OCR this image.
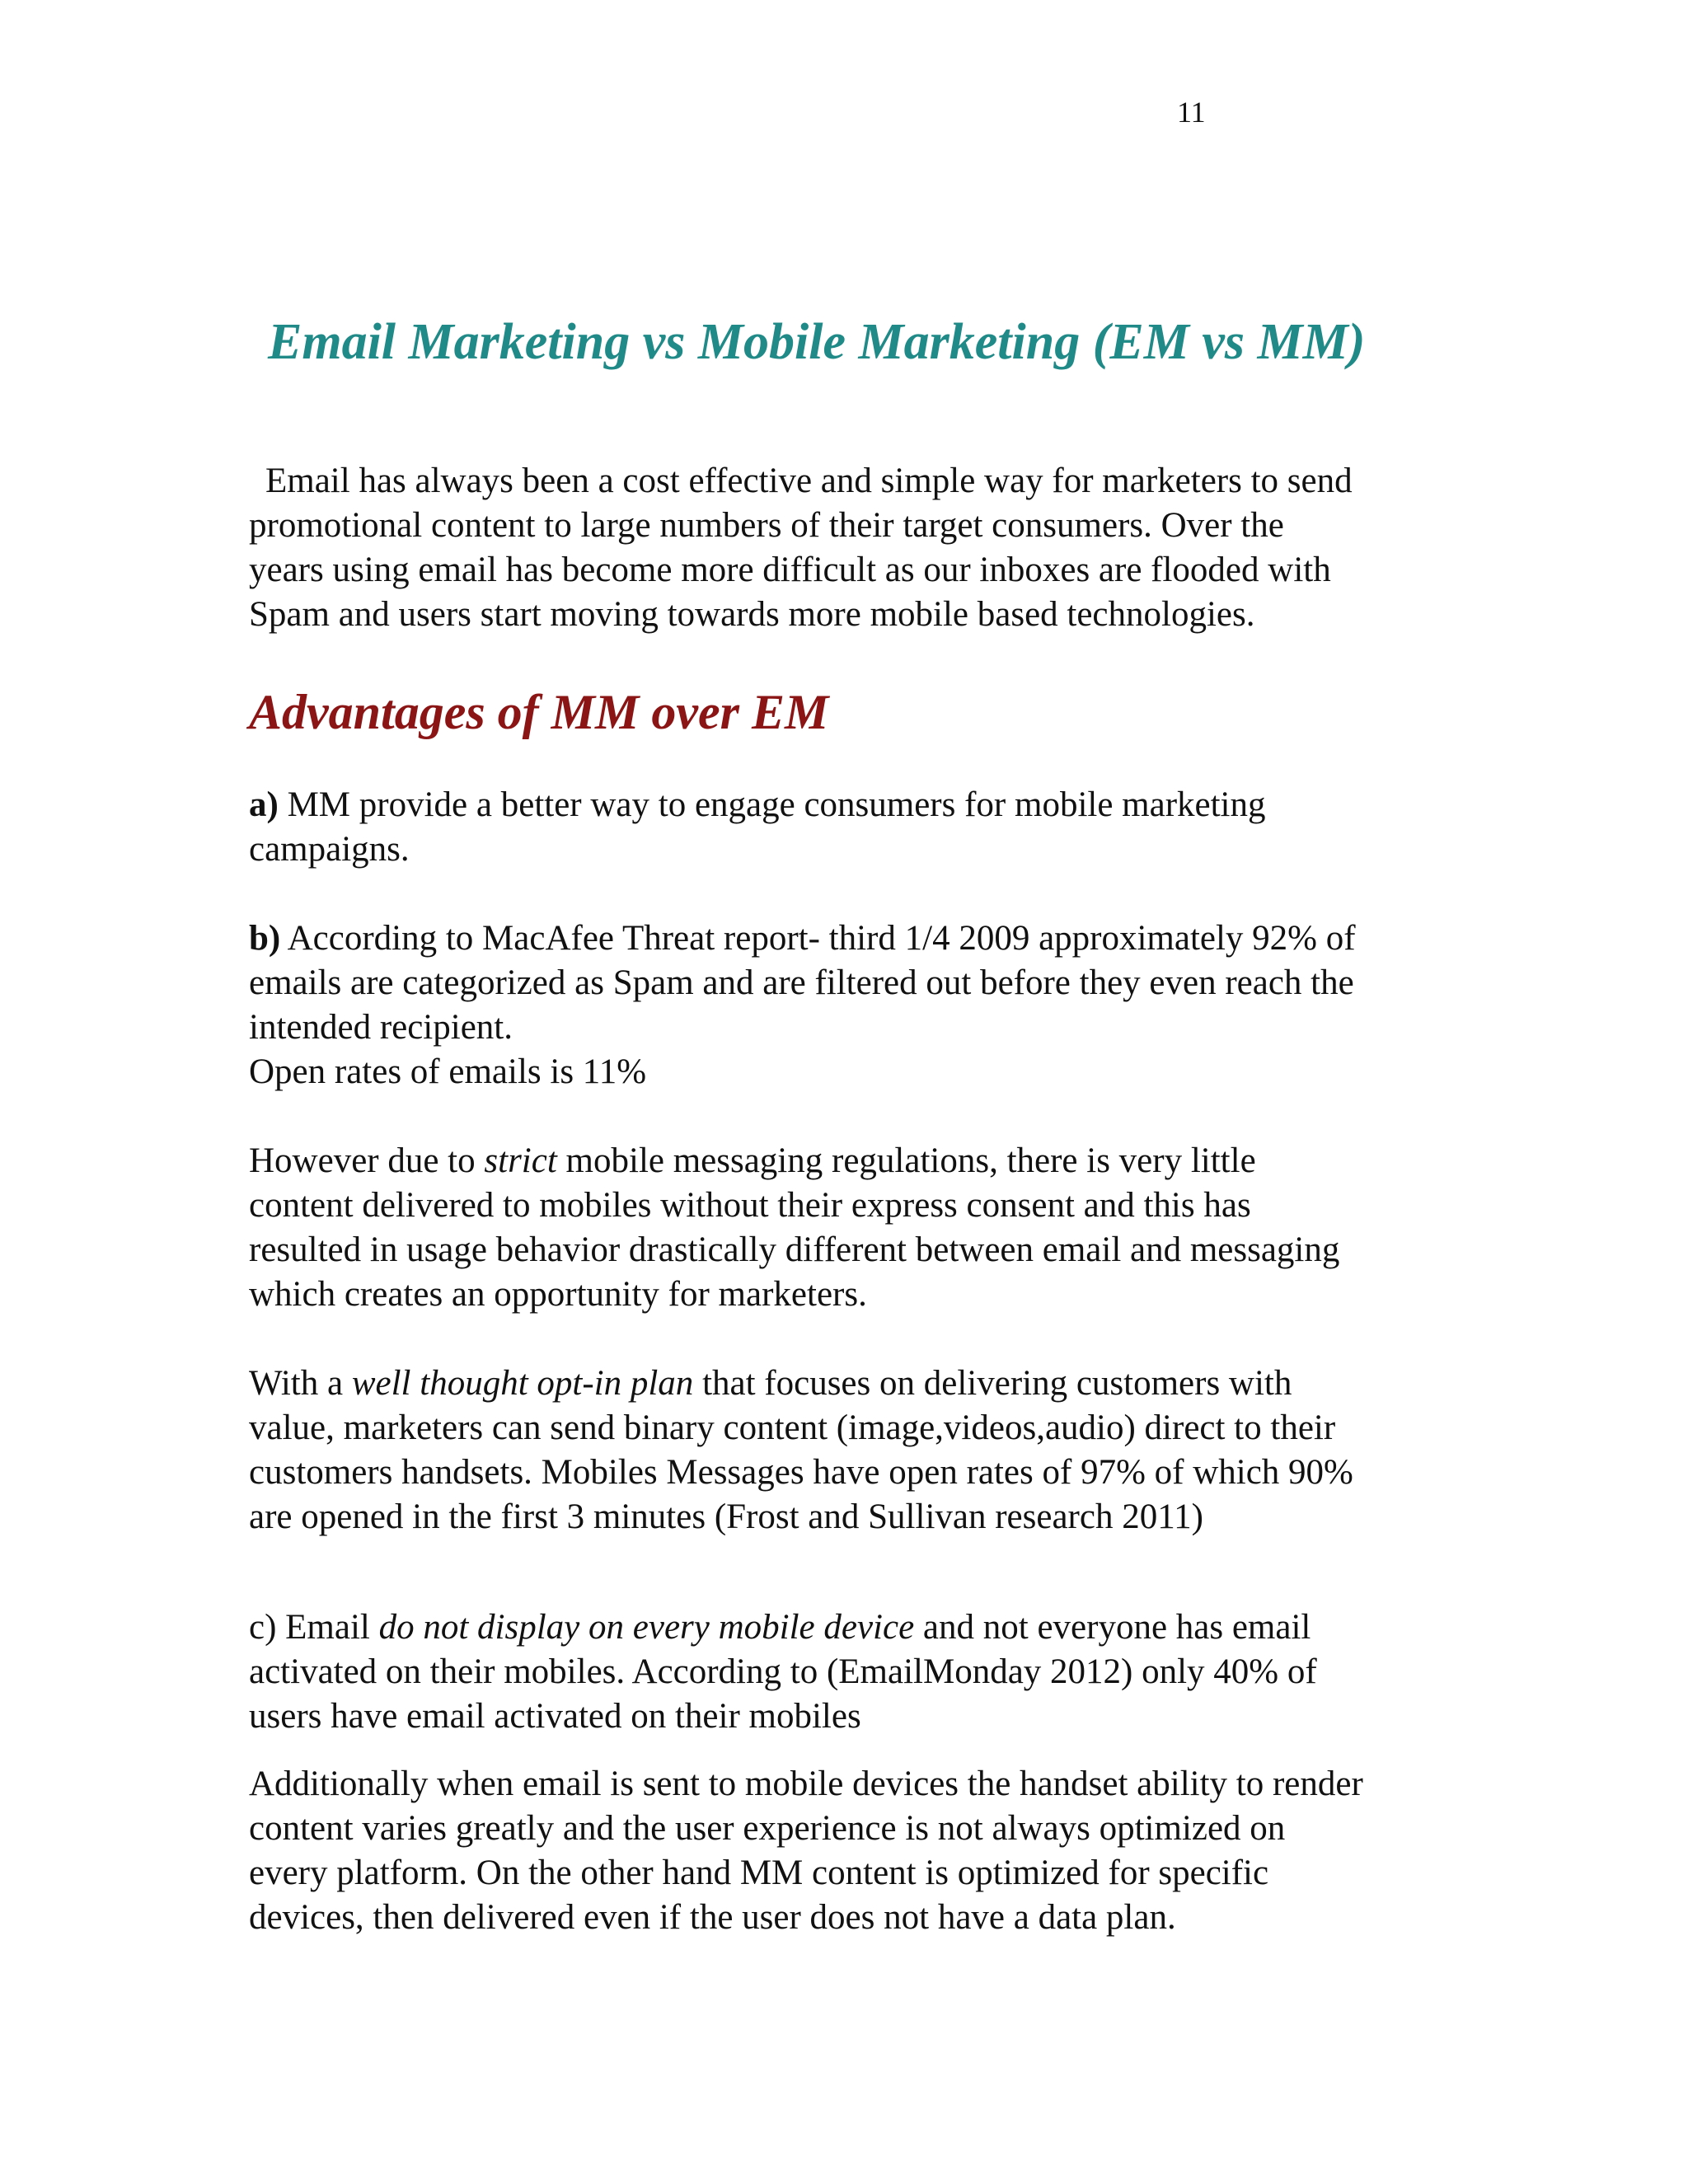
11
Email Marketing vs Mobile Marketing (EM vs MM)
Email has always been a cost effective and simple way for marketers to send
promotional content to large numbers of their target consumers. Over the
years using email has become more difficult as our inboxes are flooded with
Spam and users start moving towards more mobile based technologies.
Advantages of MM over EM
a) MM provide a better way to engage consumers for mobile marketing
campaigns.
b) According to MacAfee Threat report- third 1/4 2009 approximately 92% of
emails are categorized as Spam and are filtered out before they even reach the
intended recipient.
Open rates of emails is 11%
However due to strict mobile messaging regulations, there is very little
content delivered to mobiles without their express consent and this has
resulted in usage behavior drastically different between email and messaging
which creates an opportunity for marketers.
With a well thought opt-in plan that focuses on delivering customers with
value, marketers can send binary content (image,videos,audio) direct to their
customers handsets. Mobiles Messages have open rates of 97% of which 90%
are opened in the first 3 minutes (Frost and Sullivan research 2011)
c) Email do not display on every mobile device and not everyone has email
activated on their mobiles. According to (EmailMonday 2012) only 40% of
users have email activated on their mobiles
Additionally when email is sent to mobile devices the handset ability to render
content varies greatly and the user experience is not always optimized on
every platform. On the other hand MM content is optimized for specific
devices, then delivered even if the user does not have a data plan.
